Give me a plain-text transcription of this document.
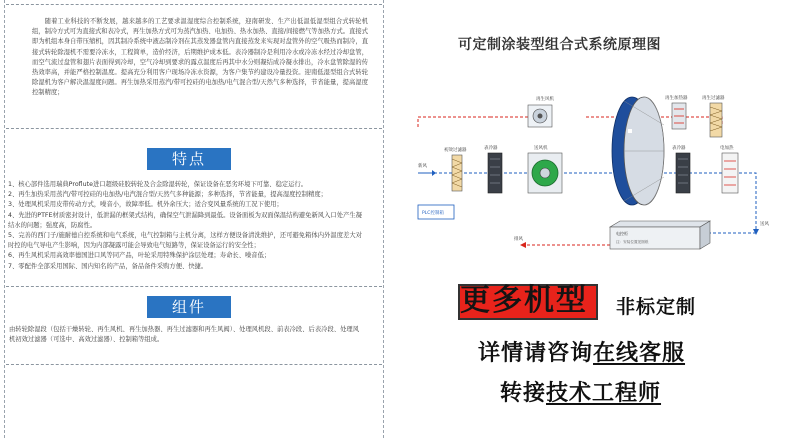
随着工业科技的不断发展，越来越多的工艺要求温湿度综合控制系统，迎南研发、生产出低温低湿型组合式转轮机组，制冷方式可为直接式和表冷式，再生加热方式可为蒸汽加热、电加热、热水加热、直接/间接燃气等加热方式。直接式即为机组本身自带压缩机，因其制冷系统中液态制冷剂在其蒸发器盘管内直接蒸发来实现对盘管外的空气吸热而制冷，直接式转轮除湿机不需要冷冻水，工程简单，造价经济，后期维护成本低。表冷器制冷是利用冷水或冷冻水经过冷却盘管，而空气流过盘管和翅片表面得到冷却，空气冷却到要求的露点温度后再其中水分则凝结成冷凝水排出，冷水盘管除湿的传热效率高，并能严格控制温度。提高充分利用客户现场冷冻水资源，为客户集节约建设冷量投资。迎南低湿型组合式转轮除湿机为客户解决温湿度问题。再生加热采用蒸汽/带可控硅的电加热/电气混合型/天然气多种选择，节省能量，提高湿度控制精度；
特点

1、核心部件选用瑞典Proflute进口超级硅胶转轮及合金除湿转轮，保证设备在恶劣环境下可靠、稳定运行。

2、再生加热采用蒸汽/带可控硅的电加热/电汽混合型/天然气多种能源；多种选择，节省能量，提高湿度控制精度；

3、处理风机采用皮带传动方式，噪音小，故障率低。机外余压大；适合变风量系统的工况下使用；

4、先进的PTFE材质密封设计，低泄漏的框架式结构，确保空气泄漏降到最低。设备面板为双面保温结构避免新风入口处产生凝结水的问题；强度高，防腐性。

5、完善的西门子/施耐德自控系统和电气系统，电气控制箱与主机分离，这样方便设备清洗维护，还可避免箱体内外温度差大对时控的电气导电产生影响，因为内部凝露可能会导致电气短路等，保证设备运行的安全性；

6、再生风机采用高效率德国进口风等同产品，叶轮采用特殊保护涂层处理；寿命长、噪音低；

7、零配件全部采用国际、国内知名的产品，备品备件采购方便、快捷。

组件
由转轮除湿段（包括干燥转轮、再生风机、再生加热器、再生过滤器和再生风阀）、处理风机段、前表冷段、后表冷段、处理风机初效过滤器（可选中、高效过滤器）、控制箱等组成。
可定制涂装型组合式系统原理图
再生风机	再生加热器	再生过滤器
新风
初效过滤器	表冷器	送风机	表冷器	电加热
PLC控制箱
排风
电控柜
注：安装位置见图纸
送风
更多机型 非标定制
详情请咨询在线客服
转接技术工程师
